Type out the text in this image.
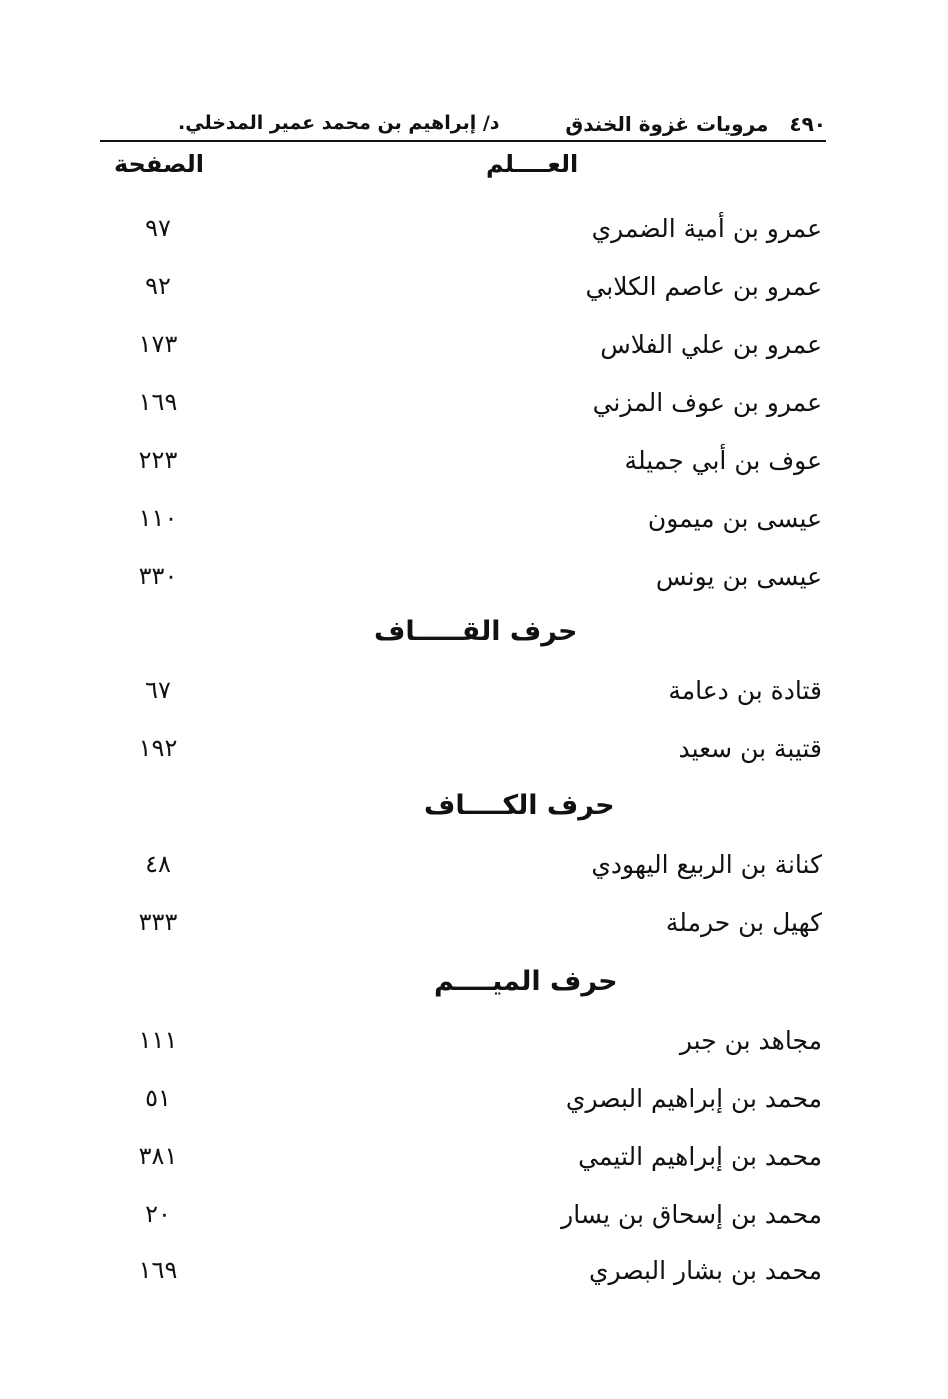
٤٩٠ مرويات غزوة الخندق
د/ إبراهيم بن محمد عمير المدخلي.
العــــلم
الصفحة
عمرو بن أمية الضمري
٩٧
عمرو بن عاصم الكلابي
٩٢
عمرو بن علي الفلاس
١٧٣
عمرو بن عوف المزني
١٦٩
عوف بن أبي جميلة
٢٢٣
عيسى بن ميمون
١١٠
عيسى بن يونس
٣٣٠
حرف القـــــاف
قتادة بن دعامة
٦٧
قتيبة بن سعيد
١٩٢
حرف الكــــاف
كنانة بن الربيع اليهودي
٤٨
كهيل بن حرملة
٣٣٣
حرف الميــــم
مجاهد بن جبر
١١١
محمد بن إبراهيم البصري
٥١
محمد بن إبراهيم التيمي
٣٨١
محمد بن إسحاق بن يسار
٢٠
محمد بن بشار البصري
١٦٩
